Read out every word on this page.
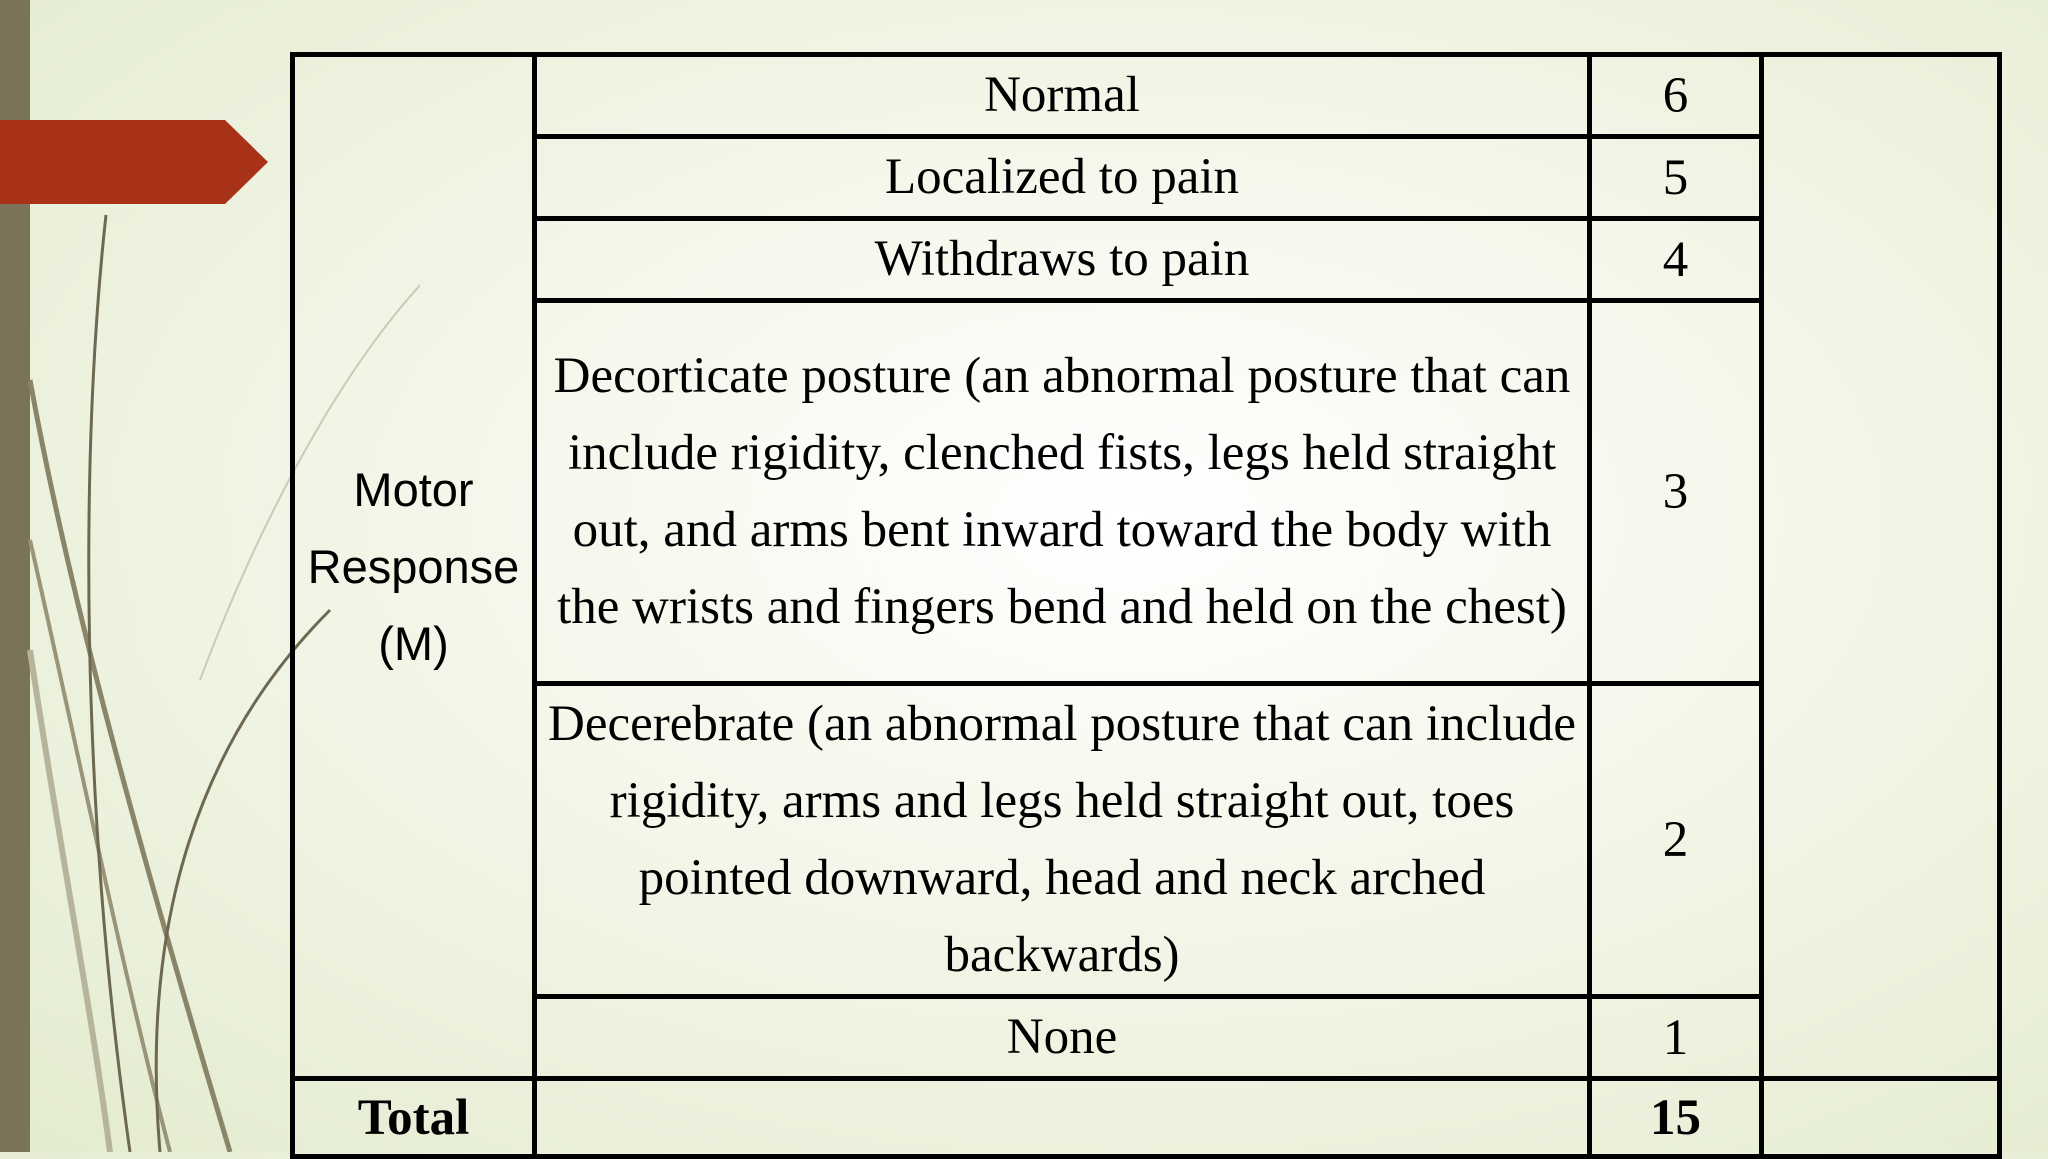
Motor
Response
(M)	Normal	6	
	Localized to pain	5	
	Withdraws to pain	4	
	Decorticate posture (an abnormal posture that can include rigidity, clenched fists, legs held straight out, and arms bent inward toward the body with the wrists and fingers bend and held on the chest)	3	
	Decerebrate (an abnormal posture that can include rigidity, arms and legs held straight out, toes pointed downward, head and neck arched backwards)	2	
	None	1	
Total		15	
